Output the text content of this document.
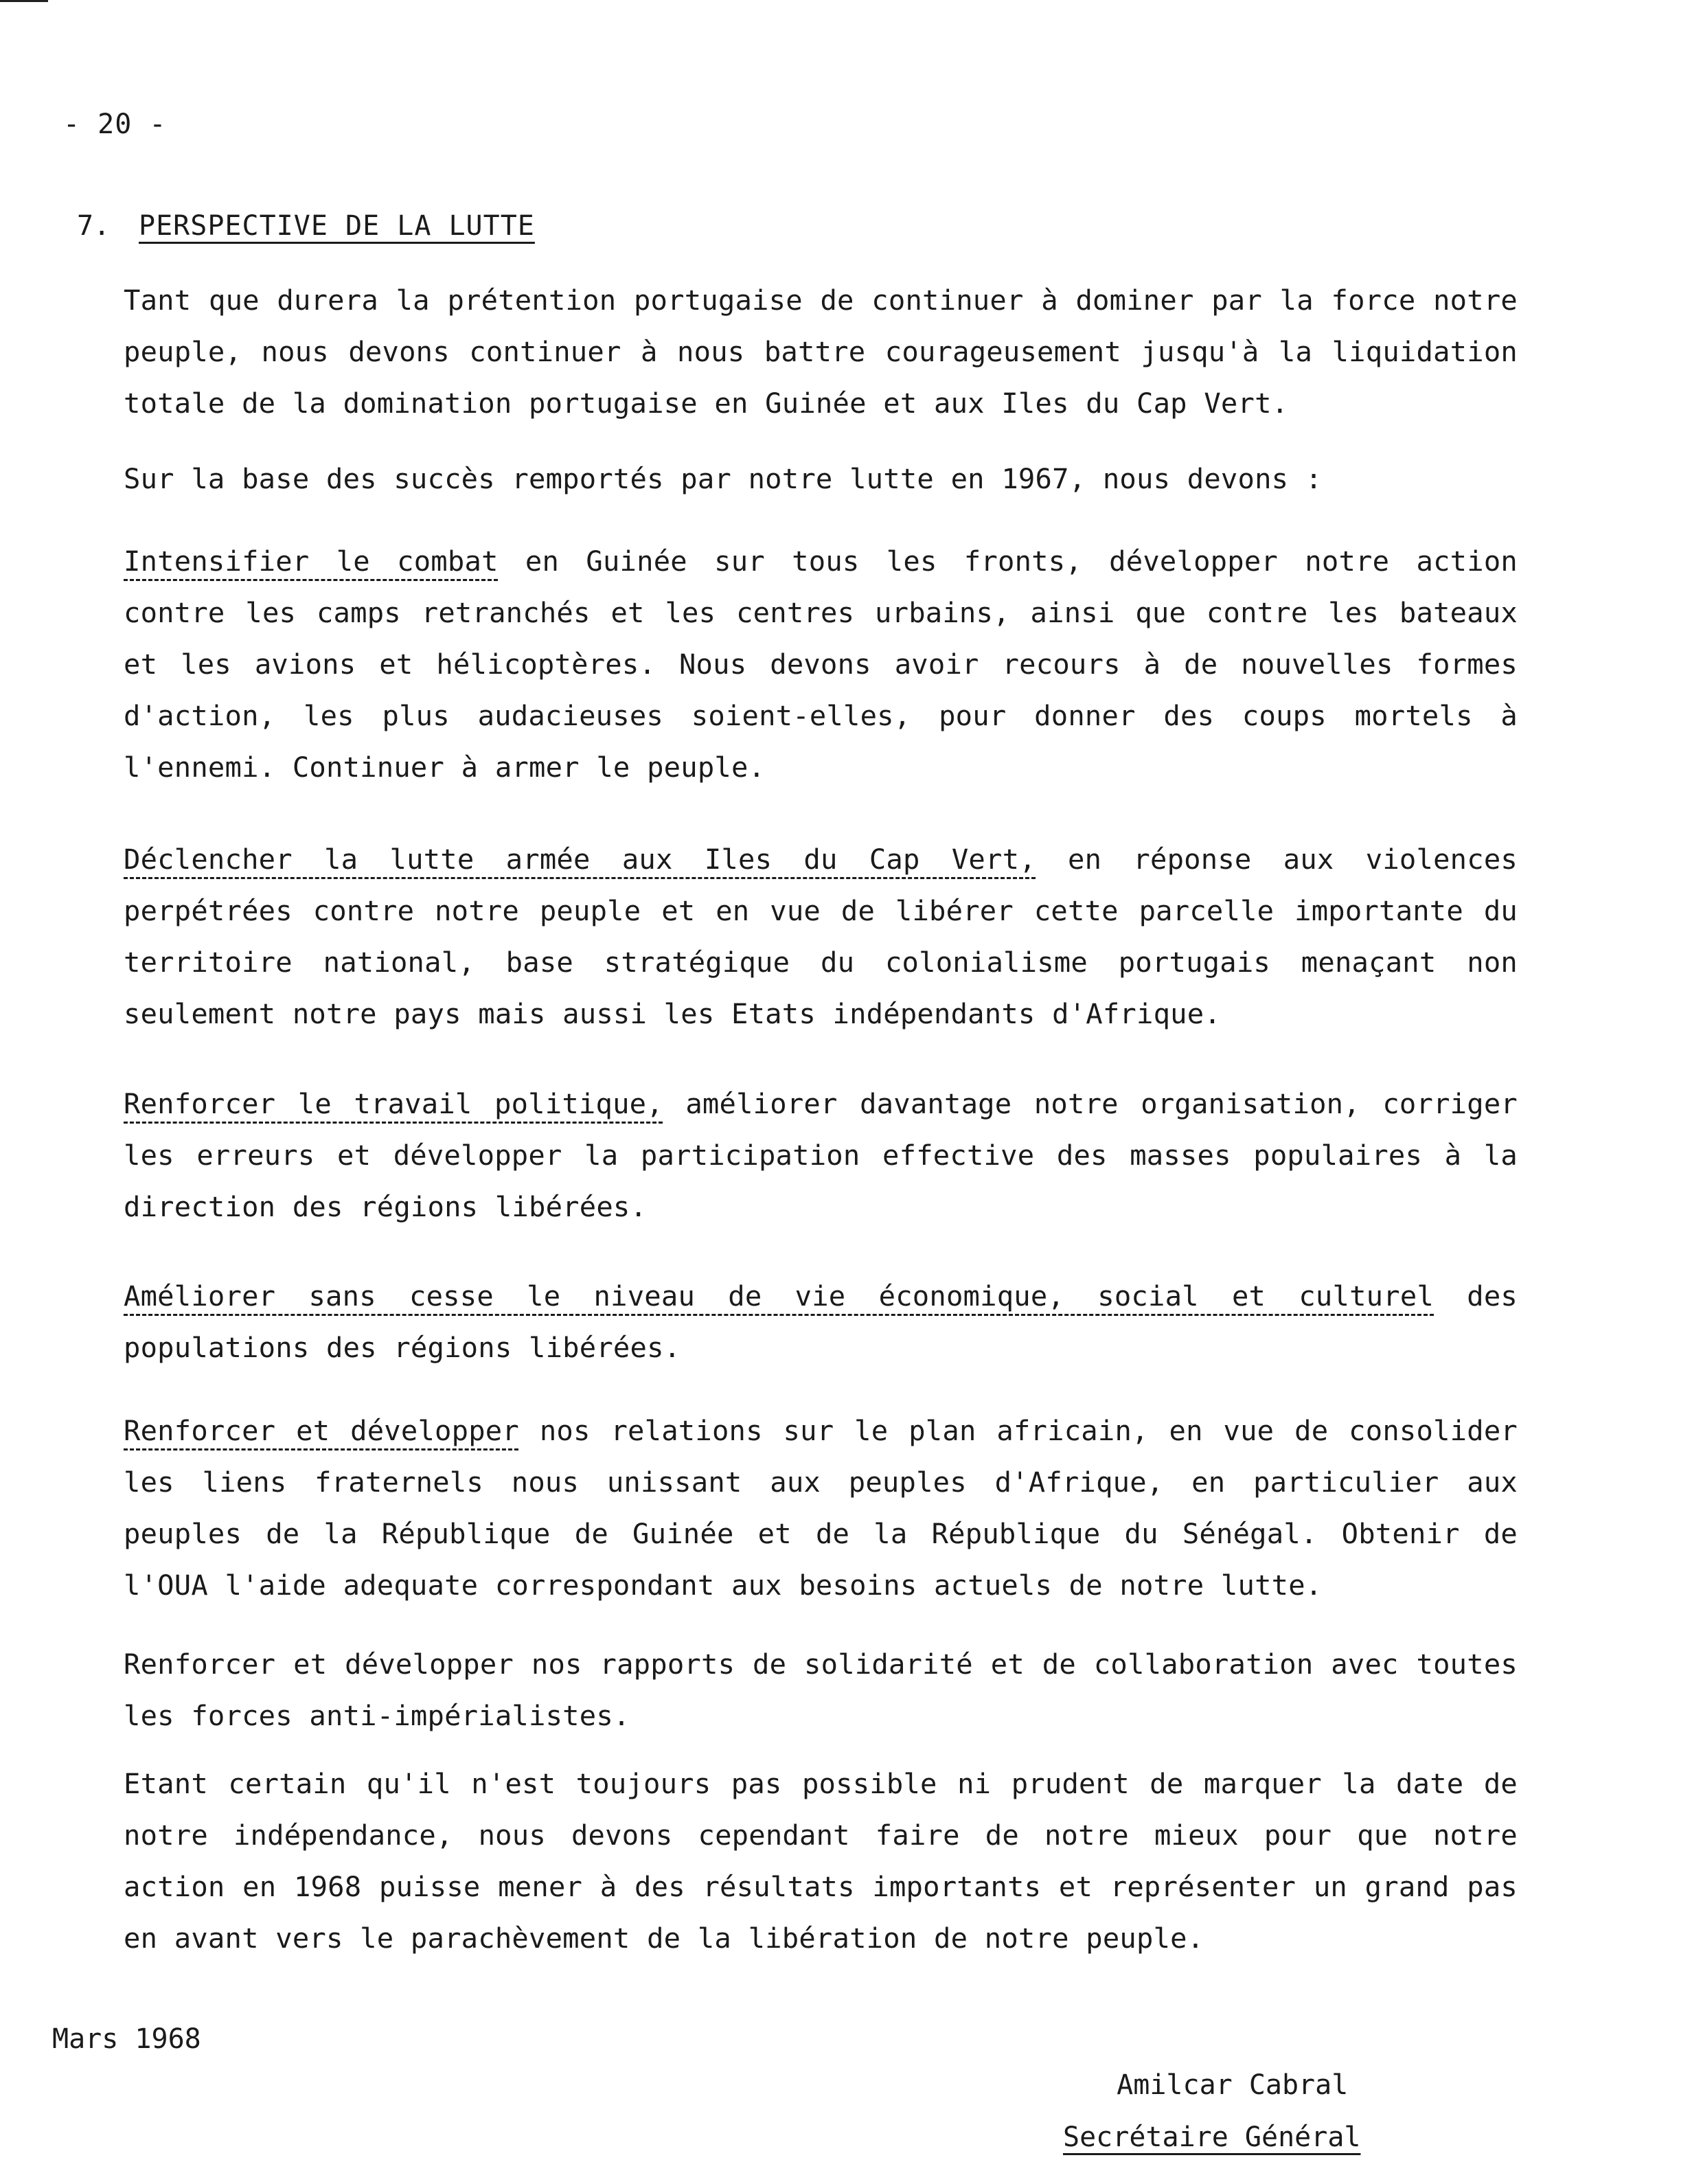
- 20 -
7. PERSPECTIVE DE LA LUTTE

Tant que durera la prétention portugaise de continuer à dominer par la force notre peuple, nous devons continuer à nous battre courageusement jusqu'à la liquidation totale de la domination portugaise en Guinée et aux Iles du Cap Vert.

Sur la base des succès remportés par notre lutte en 1967, nous devons :

Intensifier le combat en Guinée sur tous les fronts, développer notre action contre les camps retranchés et les centres urbains, ainsi que contre les bateaux et les avions et hélicoptères. Nous devons avoir recours à de nouvelles formes d'action, les plus audacieuses soient-elles, pour donner des coups mortels à l'ennemi. Continuer à armer le peuple.

Déclencher la lutte armée aux Iles du Cap Vert, en réponse aux violences perpétrées contre notre peuple et en vue de libérer cette parcelle importante du territoire national, base stratégique du colonialisme portugais menaçant non seulement notre pays mais aussi les Etats indépendants d'Afrique.

Renforcer le travail politique, améliorer davantage notre organisation, corriger les erreurs et développer la participation effective des masses populaires à la direction des régions libérées.

Améliorer sans cesse le niveau de vie économique, social et culturel des populations des régions libérées.

Renforcer et développer nos relations sur le plan africain, en vue de consolider les liens fraternels nous unissant aux peuples d'Afrique, en particulier aux peuples de la République de Guinée et de la République du Sénégal. Obtenir de l'OUA l'aide adequate correspondant aux besoins actuels de notre lutte.

Renforcer et développer nos rapports de solidarité et de collaboration avec toutes les forces anti-impérialistes.

Etant certain qu'il n'est toujours pas possible ni prudent de marquer la date de notre indépendance, nous devons cependant faire de notre mieux pour que notre action en 1968 puisse mener à des résultats importants et représenter un grand pas en avant vers le parachèvement de la libération de notre peuple.

Mars 1968
Amilcar Cabral
Secrétaire Général
